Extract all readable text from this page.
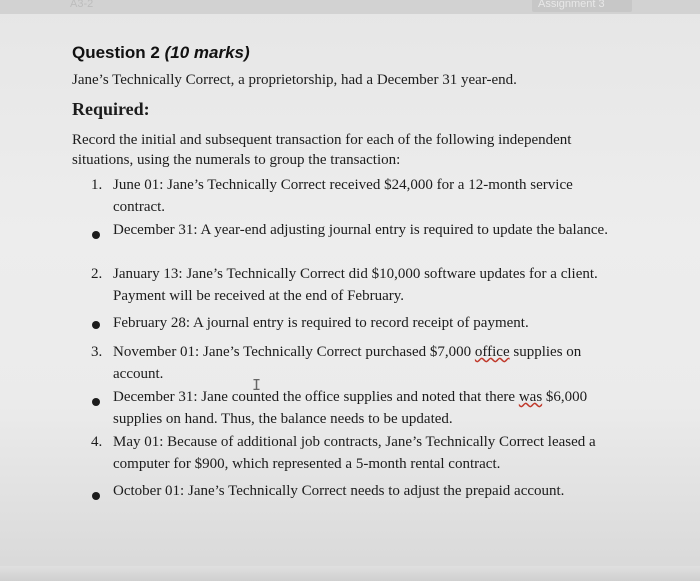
A3-2	Assignment 3
Question 2 (10 marks)
Jane’s Technically Correct, a proprietorship, had a December 31 year-end.
Required:
Record the initial and subsequent transaction for each of the following independent situations, using the numerals to group the transaction:
1. June 01: Jane’s Technically Correct received $24,000 for a 12-month service contract.
December 31: A year-end adjusting journal entry is required to update the balance.
2. January 13: Jane’s Technically Correct did $10,000 software updates for a client. Payment will be received at the end of February.
February 28: A journal entry is required to record receipt of payment.
3. November 01: Jane’s Technically Correct purchased $7,000 office supplies on account.
I
December 31: Jane counted the office supplies and noted that there was $6,000 supplies on hand. Thus, the balance needs to be updated.
4. May 01: Because of additional job contracts, Jane’s Technically Correct leased a computer for $900, which represented a 5-month rental contract.
October 01: Jane’s Technically Correct needs to adjust the prepaid account.
